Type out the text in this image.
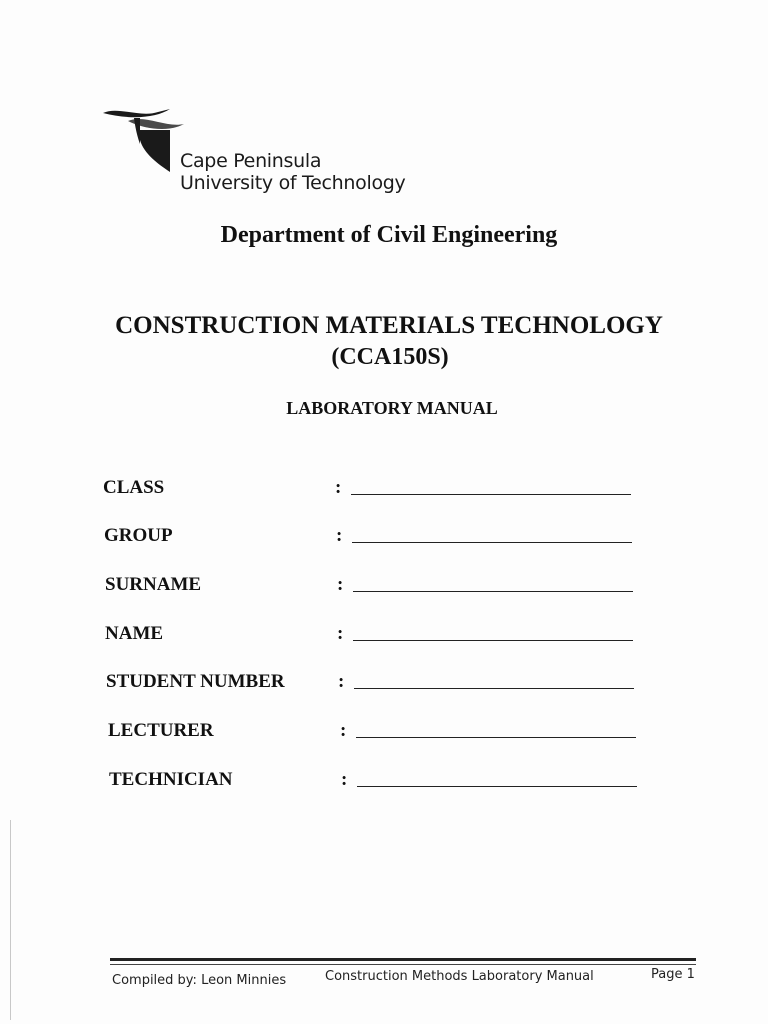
Cape Peninsula
University of Technology
Department of Civil Engineering
CONSTRUCTION MATERIALS TECHNOLOGY
(CCA150S)
LABORATORY MANUAL
CLASS	:
GROUP	:
SURNAME	:
NAME	:
STUDENT NUMBER	:
LECTURER	:
TECHNICIAN	:
Compiled by: Leon Minnies	Construction Methods Laboratory Manual	Page 1
